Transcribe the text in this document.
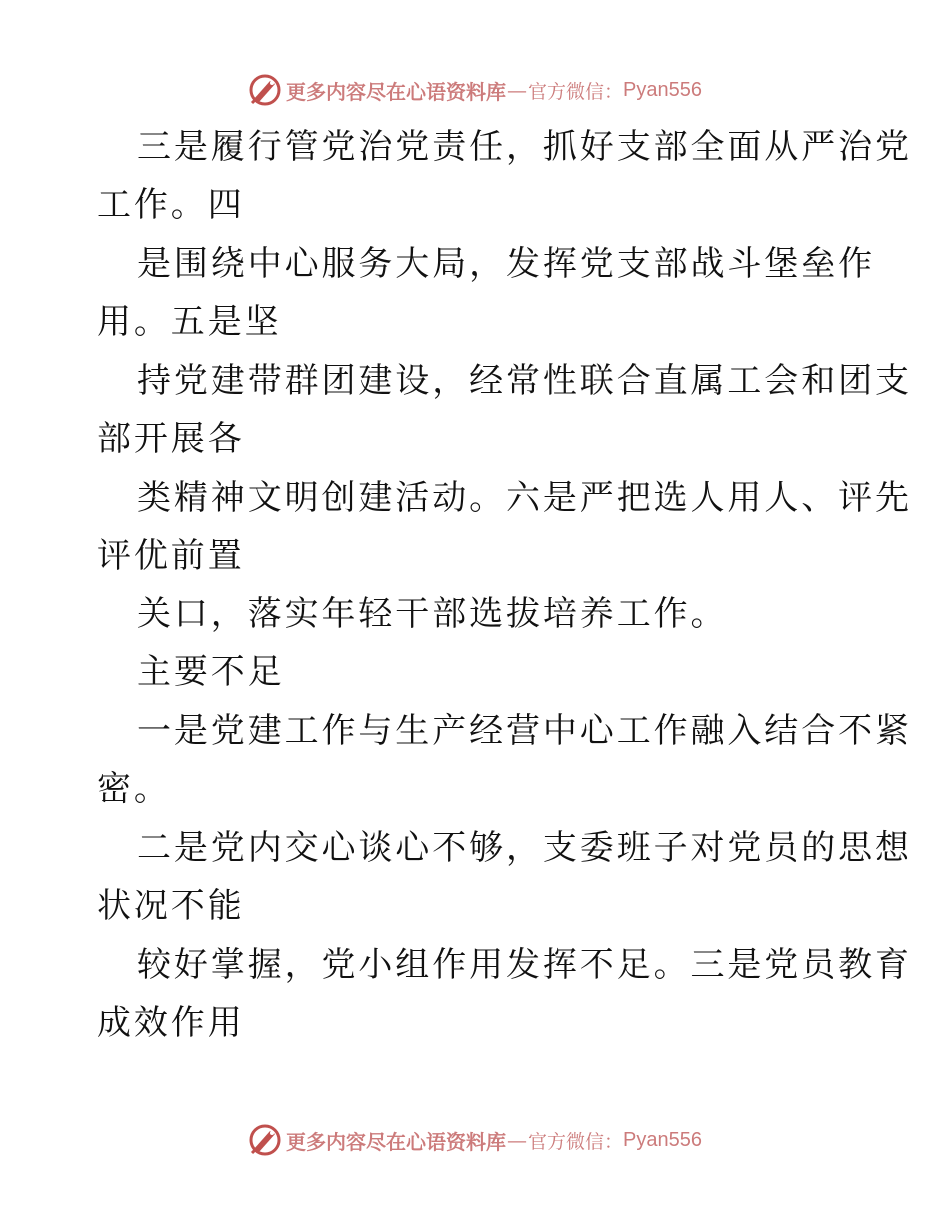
更多内容尽在心语资料库 — 官方微信： Pyan556
三是履行管党治党责任，抓好支部全面从严治党
工作。四
是围绕中心服务大局，发挥党支部战斗堡垒作
用。五是坚
持党建带群团建设，经常性联合直属工会和团支
部开展各
类精神文明创建活动。六是严把选人用人、评先
评优前置
关口，落实年轻干部选拔培养工作。
主要不足
一是党建工作与生产经营中心工作融入结合不紧
密。
二是党内交心谈心不够，支委班子对党员的思想
状况不能
较好掌握，党小组作用发挥不足。三是党员教育
成效作用
更多内容尽在心语资料库 — 官方微信： Pyan556
